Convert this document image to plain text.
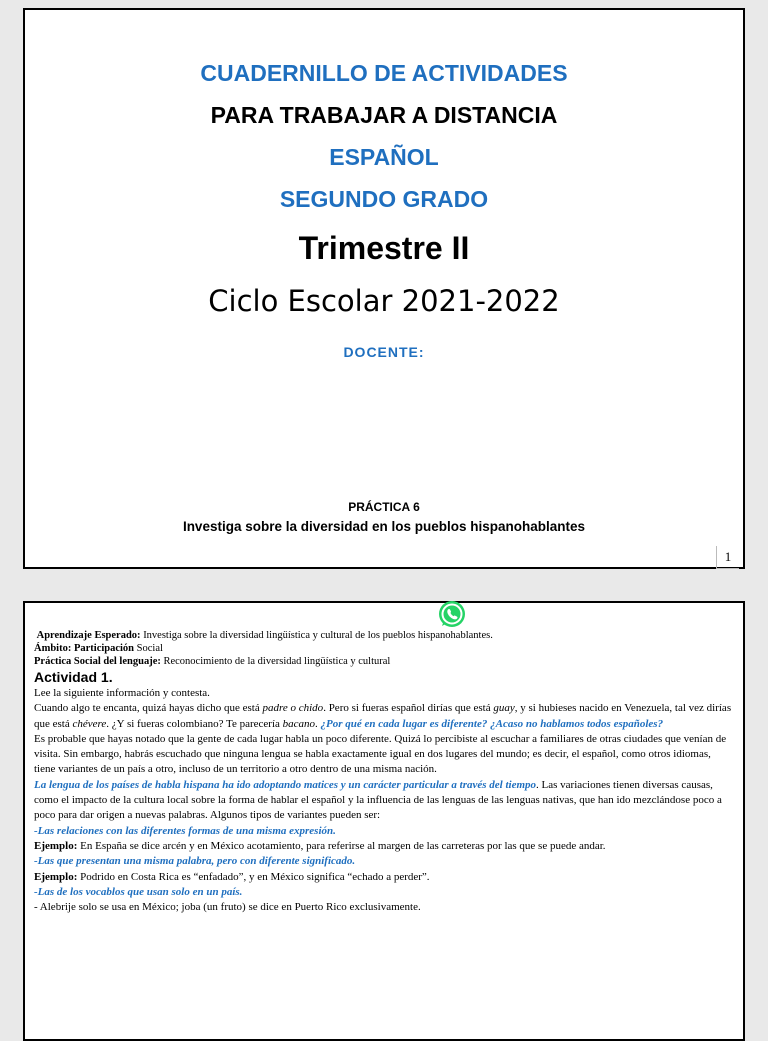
CUADERNILLO DE ACTIVIDADES
PARA TRABAJAR A DISTANCIA
ESPAÑOL
SEGUNDO GRADO
Trimestre II
Ciclo Escolar 2021-2022
DOCENTE:
PRÁCTICA 6
Investiga sobre la diversidad en los pueblos hispanohablantes
1

Aprendizaje Esperado: Investiga sobre la diversidad lingüística y cultural de los pueblos hispanohablantes.

Ámbito: Participación Social

Práctica Social del lenguaje: Reconocimiento de la diversidad lingüística y cultural

Actividad 1.

Lee la siguiente información y contesta.

Cuando algo te encanta, quizá hayas dicho que está padre o chido. Pero si fueras español dirías que está guay, y si hubieses nacido en Venezuela, tal vez dirías que está chévere. ¿Y si fueras colombiano? Te parecería bacano. ¿Por qué en cada lugar es diferente? ¿Acaso no hablamos todos españoles?

Es probable que hayas notado que la gente de cada lugar habla un poco diferente. Quizá lo percibiste al escuchar a familiares de otras ciudades que venían de visita. Sin embargo, habrás escuchado que ninguna lengua se habla exactamente igual en dos lugares del mundo; es decir, el español, como otros idiomas, tiene variantes de un país a otro, incluso de un territorio a otro dentro de una misma nación.

La lengua de los países de habla hispana ha ido adoptando matices y un carácter particular a través del tiempo. Las variaciones tienen diversas causas, como el impacto de la cultura local sobre la forma de hablar el español y la influencia de las lenguas de las lenguas nativas, que han ido mezclándose poco a poco para dar origen a nuevas palabras. Algunos tipos de variantes pueden ser:

-Las relaciones con las diferentes formas de una misma expresión.

Ejemplo: En España se dice arcén y en México acotamiento, para referirse al margen de las carreteras por las que se puede andar.

-Las que presentan una misma palabra, pero con diferente significado.

Ejemplo: Podrido en Costa Rica es “enfadado”, y en México significa “echado a perder”.

-Las de los vocablos que usan solo en un país.

- Alebrije solo se usa en México; joba (un fruto) se dice en Puerto Rico exclusivamente.
